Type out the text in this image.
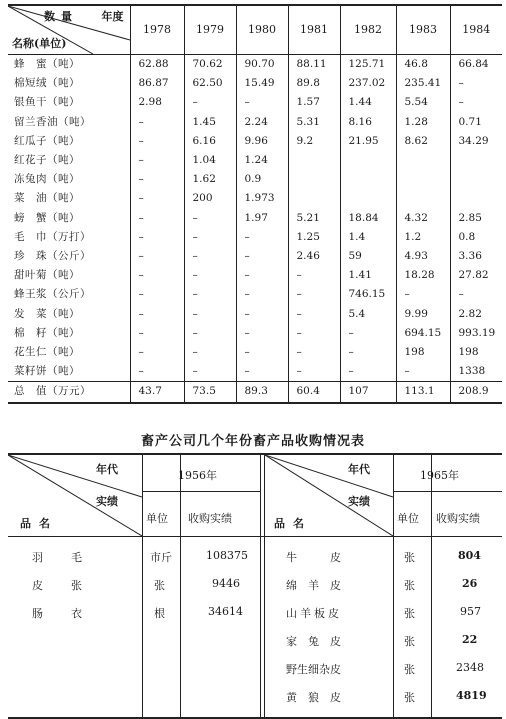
数量 年度
名称(单位)	1978	1979	1980	1981	1982	1983	1984
蜂　蜜（吨）	62.88	70.62	90.70	88.11	125.71	46.8	66.84
棉短绒（吨）	86.87	62.50	15.49	89.8	237.02	235.41	–
银鱼干（吨）	2.98	–	–	1.57	1.44	5.54	–
留兰香油（吨）	–	1.45	2.24	5.31	8.16	1.28	0.71
红瓜子（吨）	–	6.16	9.96	9.2	21.95	8.62	34.29
红花子（吨）	–	1.04	1.24				
冻兔肉（吨）	–	1.62	0.9				
菜　油（吨）	–	200	1.973				
螃　蟹（吨）	–	–	1.97	5.21	18.84	4.32	2.85
毛　巾（万打）	–	–	–	1.25	1.4	1.2	0.8
珍　珠（公斤）	–	–	–	2.46	59	4.93	3.36
甜叶菊（吨）	–	–	–	–	1.41	18.28	27.82
蜂王浆（公斤）	–	–	–	–	746.15	–	–
发　菜（吨）	–	–	–	–	5.4	9.99	2.82
棉　籽（吨）	–	–	–	–	–	694.15	993.19
花生仁（吨）	–	–	–	–	–	198	198
菜籽饼（吨）	–	–	–	–	–	–	1338
总　值（万元）	43.7	73.5	89.3	60.4	107	113.1	208.9
畜产公司几个年份畜产品收购情况表
年代
实绩
品名
1956年
单位 收购实绩
年代
实绩
品名
1965年
单位 收购实绩
羽　　毛	市斤	108375
皮　　张	张	9446
肠　　衣	根	34614
牛　　　皮	张	804
绵　羊　皮	张	26
山羊板皮	张	957
家　兔　皮	张	22
野生细杂皮	张	2348
黄　狼　皮	张	4819
